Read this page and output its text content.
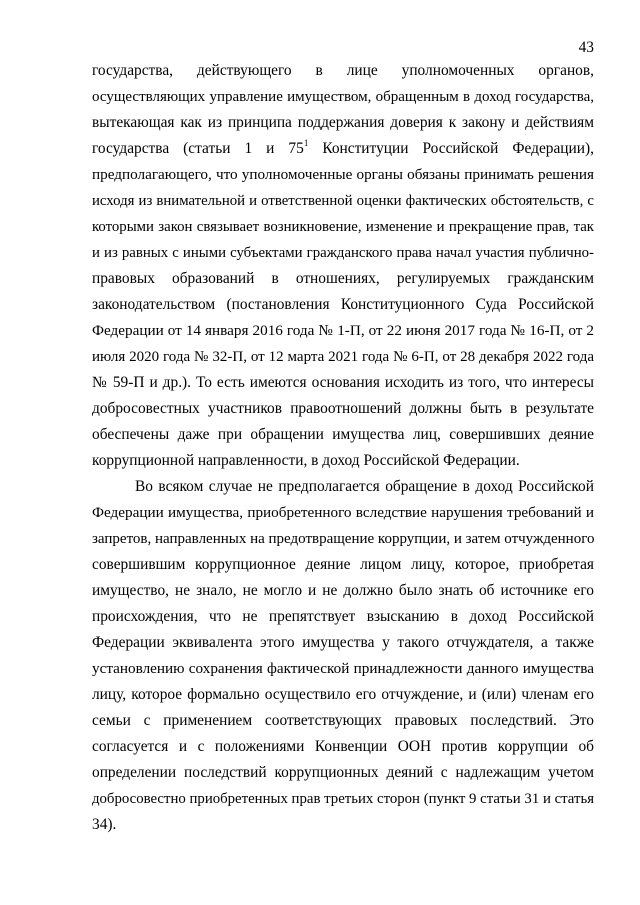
43
государства, действующего в лице уполномоченных органов,
осуществляющих управление имуществом, обращенным в доход государства,
вытекающая как из принципа поддержания доверия к закону и действиям
государства (статьи 1 и $75^1$ Конституции Российской Федерации),
предполагающего, что уполномоченные органы обязаны принимать решения
исходя из внимательной и ответственной оценки фактических обстоятельств, с
которыми закон связывает возникновение, изменение и прекращение прав, так
и из равных с иными субъектами гражданского права начал участия публично-
правовых образований в отношениях, регулируемых гражданским
законодательством (постановления Конституционного Суда Российской
Федерации от 14 января 2016 года № 1-П, от 22 июня 2017 года № 16-П, от 2
июля 2020 года № 32-П, от 12 марта 2021 года № 6-П, от 28 декабря 2022 года
№ 59-П и др.). То есть имеются основания исходить из того, что интересы
добросовестных участников правоотношений должны быть в результате
обеспечены даже при обращении имущества лиц, совершивших деяние
коррупционной направленности, в доход Российской Федерации.
Во всяком случае не предполагается обращение в доход Российской
Федерации имущества, приобретенного вследствие нарушения требований и
запретов, направленных на предотвращение коррупции, и затем отчужденного
совершившим коррупционное деяние лицом лицу, которое, приобретая
имущество, не знало, не могло и не должно было знать об источнике его
происхождения, что не препятствует взысканию в доход Российской
Федерации эквивалента этого имущества у такого отчуждателя, а также
установлению сохранения фактической принадлежности данного имущества
лицу, которое формально осуществило его отчуждение, и (или) членам его
семьи с применением соответствующих правовых последствий. Это
согласуется и с положениями Конвенции ООН против коррупции об
определении последствий коррупционных деяний с надлежащим учетом
добросовестно приобретенных прав третьих сторон (пункт 9 статьи 31 и статья
34).
